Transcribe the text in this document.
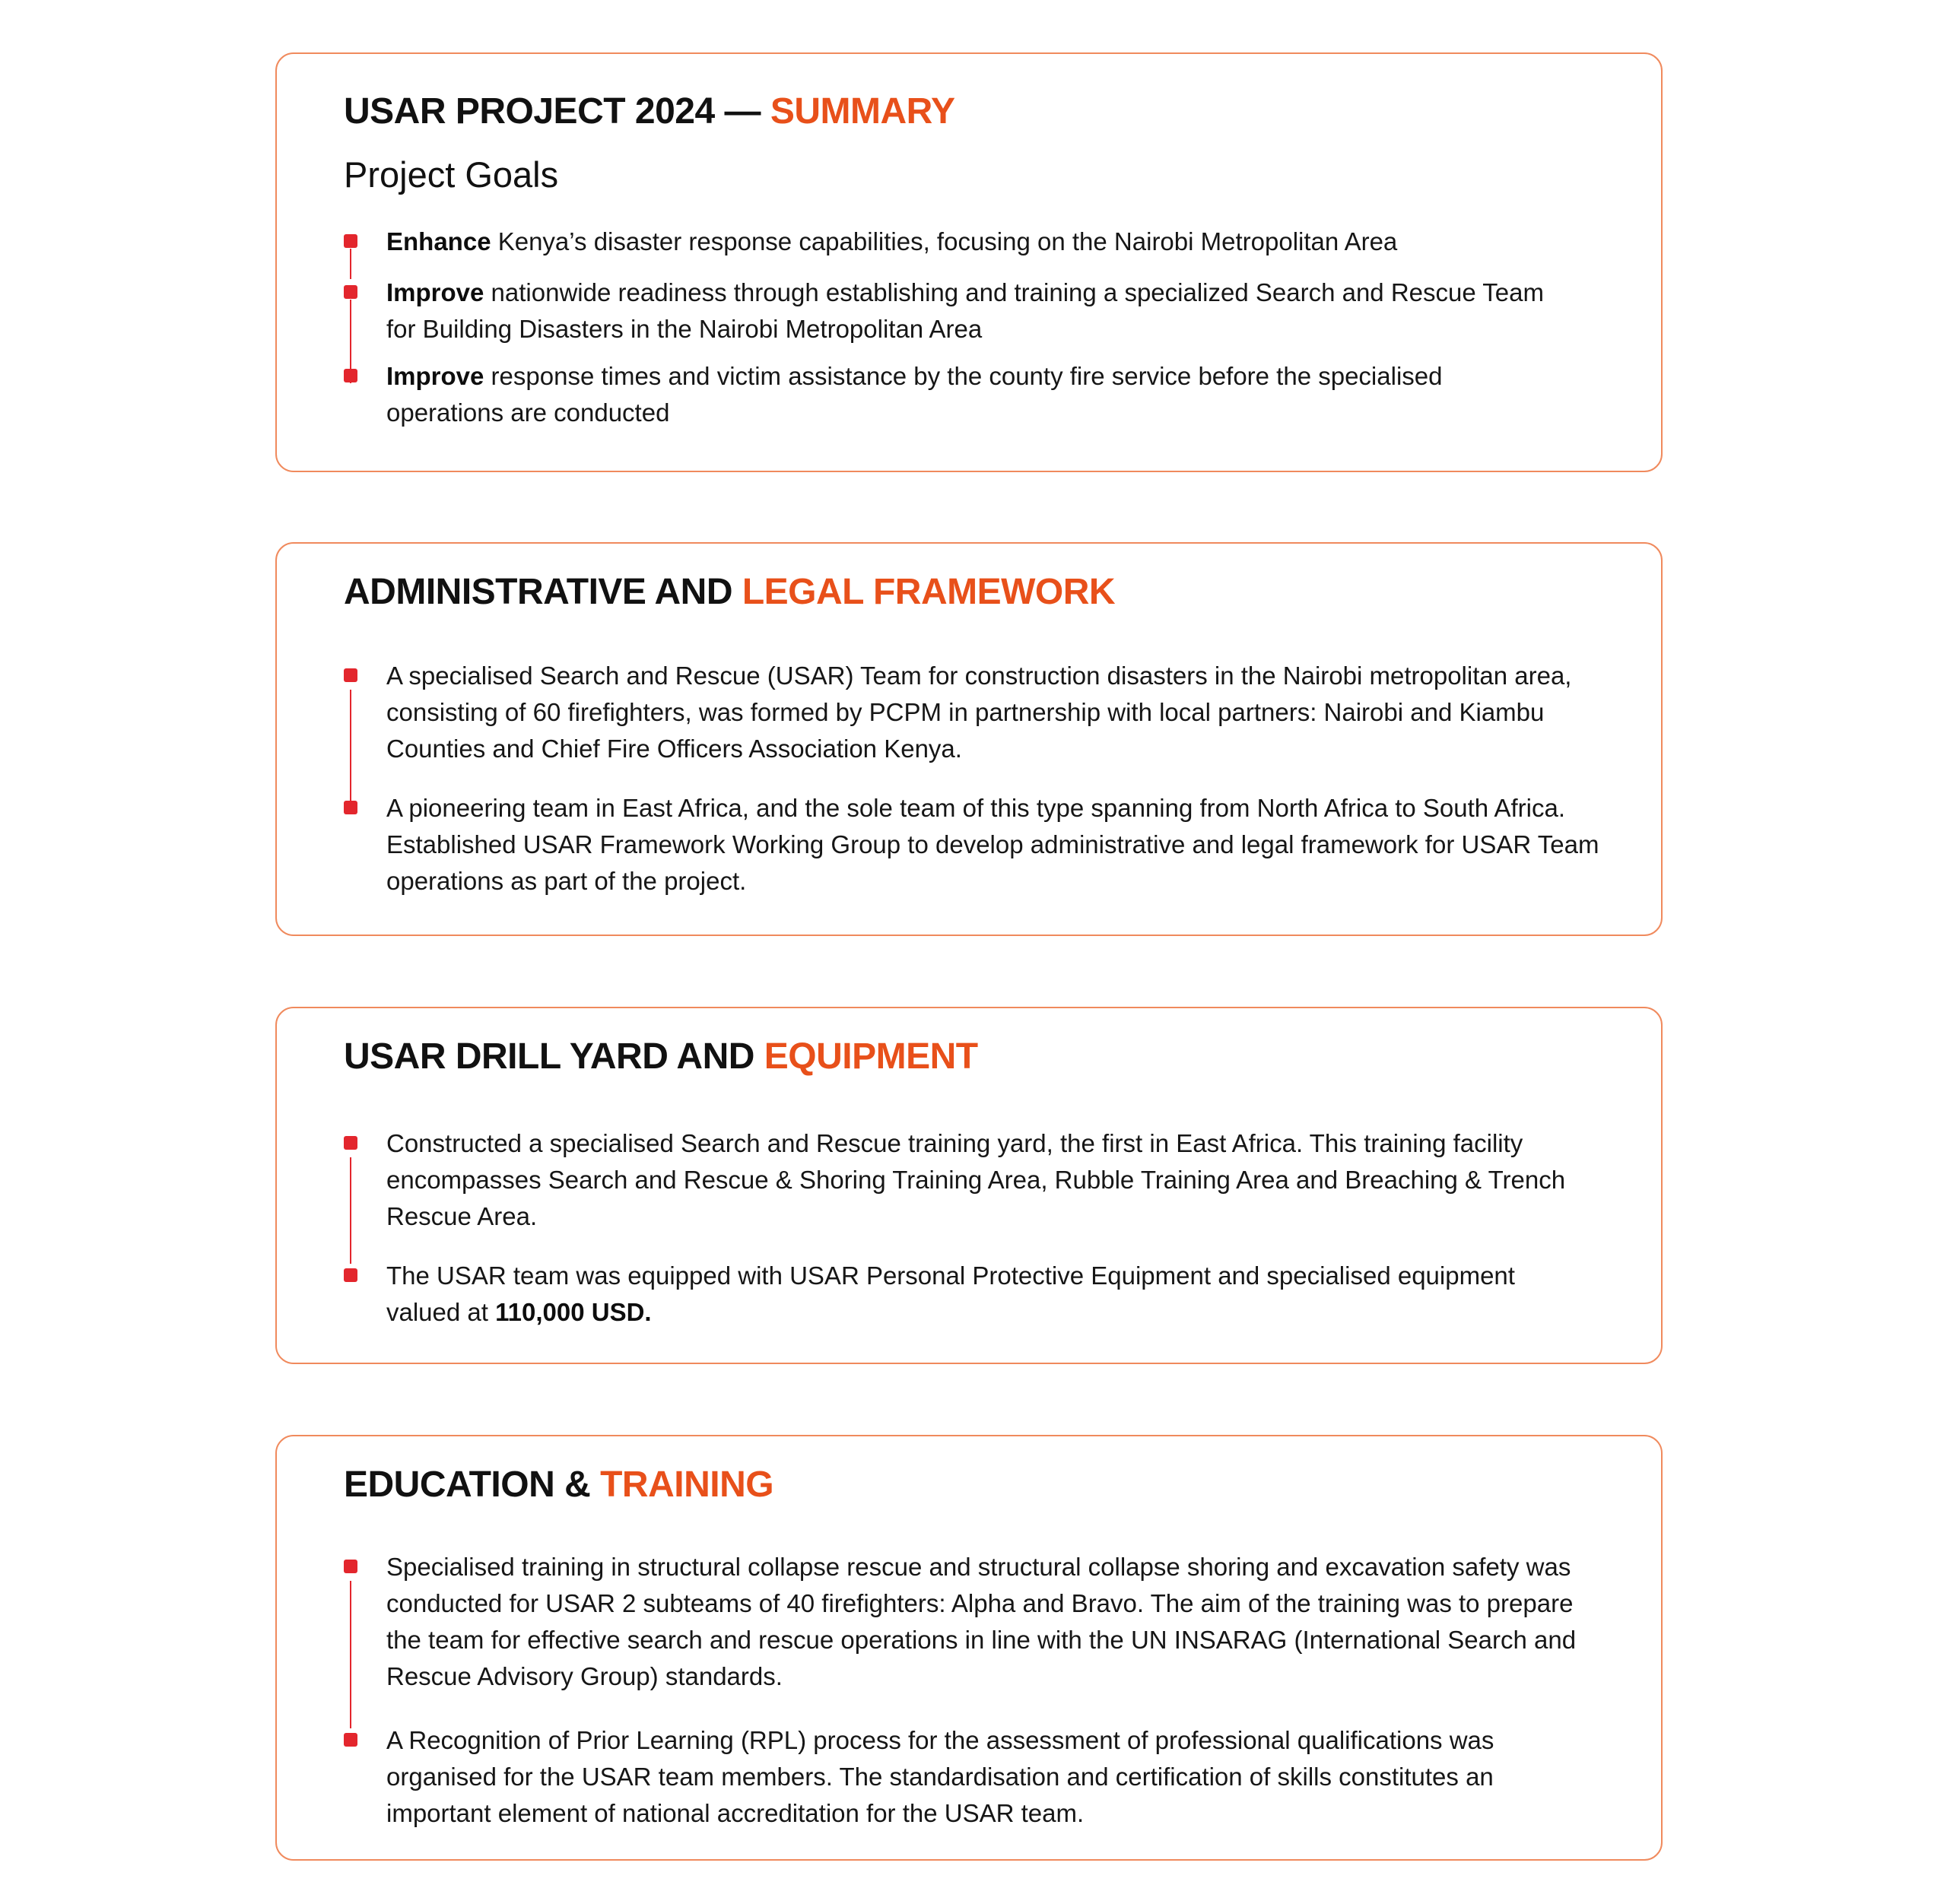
USAR PROJECT 2024 — SUMMARY
Project Goals

Enhance Kenya’s disaster response capabilities, focusing on the Nairobi Metropolitan Area

Improve nationwide readiness through establishing and training a specialized Search and Rescue Team for Building Disasters in the Nairobi Metropolitan Area

Improve response times and victim assistance by the county fire service before the specialised operations are conducted

ADMINISTRATIVE AND LEGAL FRAMEWORK

A specialised Search and Rescue (USAR) Team for construction disasters in the Nairobi metropolitan area, consisting of 60 firefighters, was formed by PCPM in partnership with local partners: Nairobi and Kiambu Counties and Chief Fire Officers Association Kenya.

A pioneering team in East Africa, and the sole team of this type spanning from North Africa to South Africa. Established USAR Framework Working Group to develop administrative and legal framework for USAR Team operations as part of the project.

USAR DRILL YARD AND EQUIPMENT

Constructed a specialised Search and Rescue training yard, the first in East Africa. This training facility encompasses Search and Rescue & Shoring Training Area, Rubble Training Area and Breaching & Trench Rescue Area.

The USAR team was equipped with USAR Personal Protective Equipment and specialised equipment valued at 110,000 USD.

EDUCATION & TRAINING

Specialised training in structural collapse rescue and structural collapse shoring and excavation safety was conducted for USAR 2 subteams of 40 firefighters: Alpha and Bravo. The aim of the training was to prepare the team for effective search and rescue operations in line with the UN INSARAG (International Search and Rescue Advisory Group) standards.

A Recognition of Prior Learning (RPL) process for the assessment of professional qualifications was organised for the USAR team members. The standardisation and certification of skills constitutes an important element of national accreditation for the USAR team.
